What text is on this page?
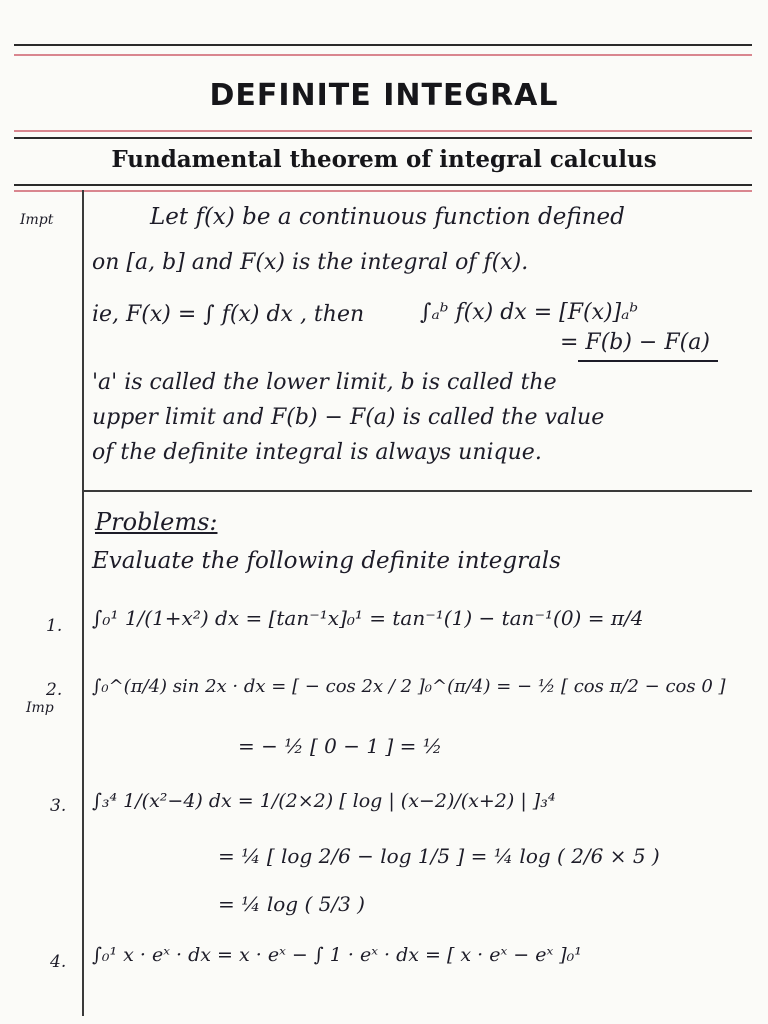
DEFINITE INTEGRAL
Fundamental theorem of integral calculus
Impt	Let f(x) be a continuous function defined
on [a, b] and F(x) is the integral of f(x).
ie, F(x) = ∫ f(x) dx , then	∫ₐᵇ f(x) dx = [F(x)]ₐᵇ
= F(b) − F(a)
'a' is called the lower limit, b is called the
upper limit and F(b) − F(a) is called the value
of the definite integral is always unique.
Problems:
Evaluate the following definite integrals
1. ∫₀¹ 1/(1+x²) dx = [tan⁻¹x]₀¹ = tan⁻¹(1) − tan⁻¹(0) = π/4
2.
Imp
∫₀^(π/4) sin 2x · dx = [ − cos 2x / 2 ]₀^(π/4) = − ½ [ cos π/2 − cos 0 ]
= − ½ [ 0 − 1 ] = ½
3. ∫₃⁴ 1/(x²−4) dx = 1/(2×2) [ log | (x−2)/(x+2) | ]₃⁴
= ¼ [ log 2/6 − log 1/5 ] = ¼ log ( 2/6 × 5 )
= ¼ log ( 5/3 )
4. ∫₀¹ x · eˣ · dx = x · eˣ − ∫ 1 · eˣ · dx = [ x · eˣ − eˣ ]₀¹
